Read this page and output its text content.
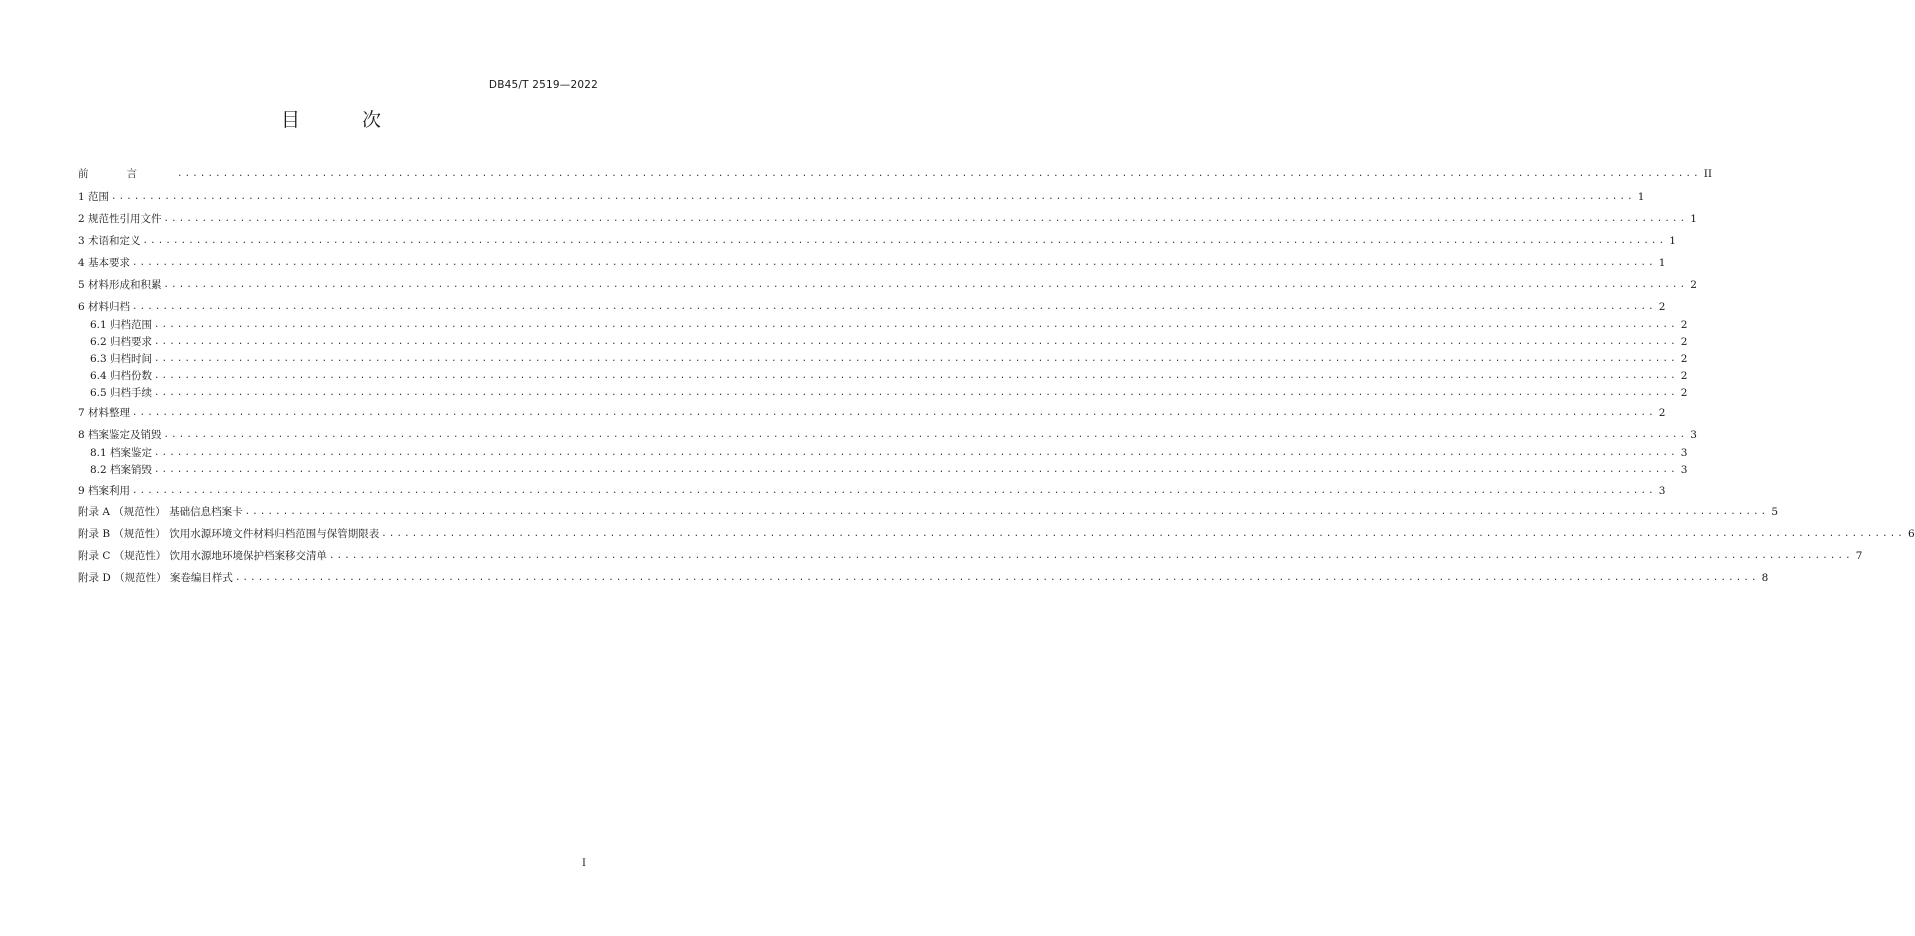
DB45/T 2519—2022
目 次
前言 ........................................................................................................................................................................................................ II
1 范围 ........................................................................................................................................................................................................ 1
2 规范性引用文件 ........................................................................................................................................................................................................ 1
3 术语和定义 ........................................................................................................................................................................................................ 1
4 基本要求 ........................................................................................................................................................................................................ 1
5 材料形成和积累 ........................................................................................................................................................................................................ 2
6 材料归档 ........................................................................................................................................................................................................ 2
6.1 归档范围 ........................................................................................................................................................................................................ 2
6.2 归档要求 ........................................................................................................................................................................................................ 2
6.3 归档时间 ........................................................................................................................................................................................................ 2
6.4 归档份数 ........................................................................................................................................................................................................ 2
6.5 归档手续 ........................................................................................................................................................................................................ 2
7 材料整理 ........................................................................................................................................................................................................ 2
8 档案鉴定及销毁 ........................................................................................................................................................................................................ 3
8.1 档案鉴定 ........................................................................................................................................................................................................ 3
8.2 档案销毁 ........................................................................................................................................................................................................ 3
9 档案利用 ........................................................................................................................................................................................................ 3
附录 A （规范性） 基础信息档案卡 ........................................................................................................................................................................................................ 5
附录 B （规范性） 饮用水源环境文件材料归档范围与保管期限表 ........................................................................................................................................................................................................ 6
附录 C （规范性） 饮用水源地环境保护档案移交清单 ........................................................................................................................................................................................................ 7
附录 D （规范性） 案卷编目样式 ........................................................................................................................................................................................................ 8
I
